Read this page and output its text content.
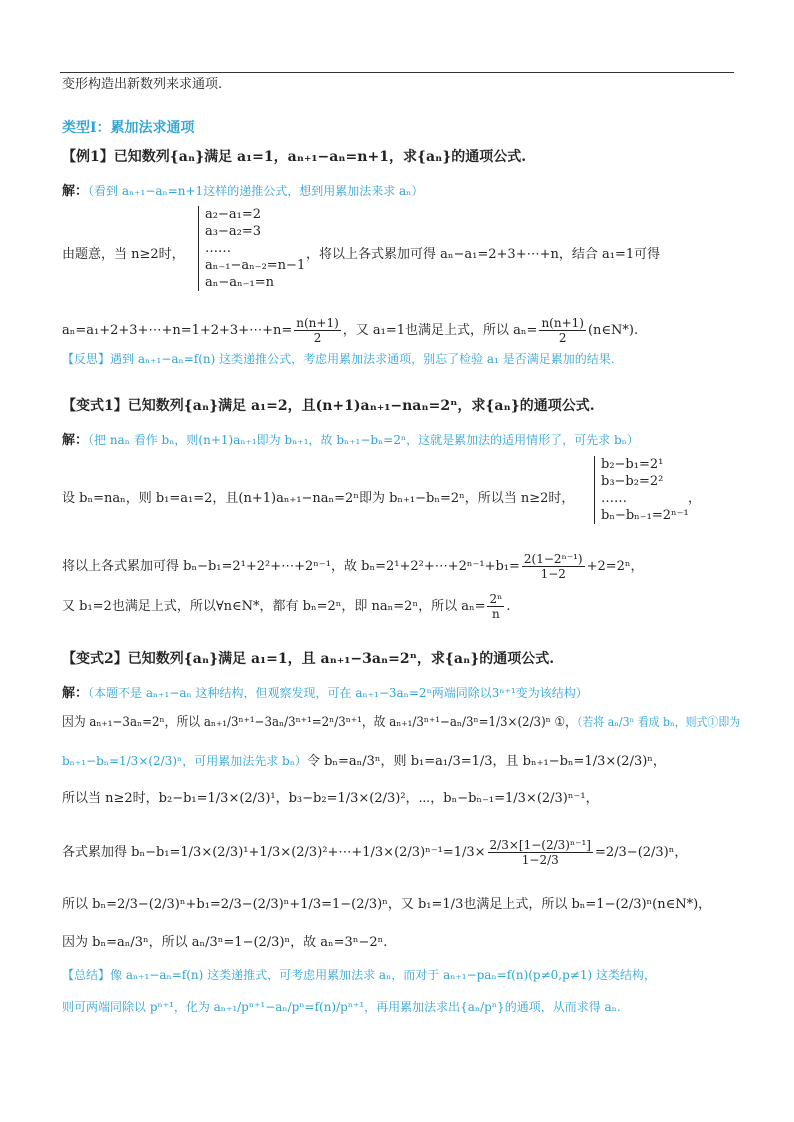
变形构造出新数列来求通项.
类型Ⅰ：累加法求通项
【例1】已知数列{aₙ}满足 a₁=1，aₙ₊₁−aₙ=n+1，求{aₙ}的通项公式.
解：（看到 aₙ₊₁−aₙ=n+1这样的递推公式，想到用累加法来求 aₙ）
由题意，当 n≥2时，
a₂−a₁=2
a₃−a₂=3
……
aₙ₋₁−aₙ₋₂=n−1
aₙ−aₙ₋₁=n
，将以上各式累加可得 aₙ−a₁=2+3+⋯+n，结合 a₁=1可得
aₙ=a₁+2+3+⋯+n=1+2+3+⋯+n= $\frac{n(n+1)}{2}$ ，又 a₁=1也满足上式，所以 $a_n= \frac{n(n+1)}{2}$ (n∈N*).
【反思】遇到 aₙ₊₁−aₙ=f(n) 这类递推公式，考虑用累加法求通项，别忘了检验 a₁ 是否满足累加的结果.
【变式1】已知数列{aₙ}满足 a₁=2，且(n+1)aₙ₊₁−naₙ=2ⁿ，求{aₙ}的通项公式.
解：（把 naₙ 看作 bₙ，则(n+1)aₙ₊₁即为 bₙ₊₁，故 bₙ₊₁−bₙ=2ⁿ，这就是累加法的适用情形了，可先求 bₙ）
设 bₙ=naₙ，则 b₁=a₁=2，且(n+1)aₙ₊₁−naₙ=2ⁿ即为 bₙ₊₁−bₙ=2ⁿ，所以当 n≥2时，
b₂−b₁=2¹
b₃−b₂=2²
……
bₙ−bₙ₋₁=2ⁿ⁻¹
，
将以上各式累加可得 bₙ−b₁=2¹+2²+⋯+2ⁿ⁻¹，故 bₙ=2¹+2²+⋯+2ⁿ⁻¹+b₁= $\frac{\text{2(1−2ⁿ⁻¹)}}{1-2} +2=2^n$，
又 b₁=2也满足上式，所以∀n∈N*，都有 bₙ=2ⁿ，即 naₙ=2ⁿ，所以 $a_n= \frac{\text{2ⁿ}}{n}$ .
【变式2】已知数列{aₙ}满足 a₁=1，且 aₙ₊₁−3aₙ=2ⁿ，求{aₙ}的通项公式.
解：（本题不是 aₙ₊₁−aₙ 这种结构，但观察发现，可在 aₙ₊₁−3aₙ=2ⁿ两端同除以3ⁿ⁺¹变为该结构）
因为 aₙ₊₁−3aₙ=2ⁿ，所以 aₙ₊₁/3ⁿ⁺¹−3aₙ/3ⁿ⁺¹=2ⁿ/3ⁿ⁺¹，故 aₙ₊₁/3ⁿ⁺¹−aₙ/3ⁿ=1/3×(2/3)ⁿ ①，（若将 aₙ/3ⁿ 看成 bₙ，则式①即为
bₙ₊₁−bₙ=1/3×(2/3)ⁿ，可用累加法先求 bₙ）令 bₙ=aₙ/3ⁿ，则 b₁=a₁/3=1/3，且 bₙ₊₁−bₙ=1/3×(2/3)ⁿ，
所以当 n≥2时，b₂−b₁=1/3×(2/3)¹，b₃−b₂=1/3×(2/3)²，⋯，bₙ−bₙ₋₁=1/3×(2/3)ⁿ⁻¹，
各式累加得 bₙ−b₁=1/3×(2/3)¹+1/3×(2/3)²+⋯+1/3×(2/3)ⁿ⁻¹=1/3× $\frac{\text{2/3×[1−(2/3)ⁿ⁻¹]}}{1-2/3} =2/3-(2/3)^n$，
所以 bₙ=2/3−(2/3)ⁿ+b₁=2/3−(2/3)ⁿ+1/3=1−(2/3)ⁿ，又 b₁=1/3也满足上式，所以 bₙ=1−(2/3)ⁿ(n∈N*)，
因为 bₙ=aₙ/3ⁿ，所以 aₙ/3ⁿ=1−(2/3)ⁿ，故 aₙ=3ⁿ−2ⁿ.
【总结】像 aₙ₊₁−aₙ=f(n) 这类递推式，可考虑用累加法求 aₙ，而对于 aₙ₊₁−paₙ=f(n)(p≠0,p≠1) 这类结构，
则可两端同除以 pⁿ⁺¹，化为 aₙ₊₁/pⁿ⁺¹−aₙ/pⁿ=f(n)/pⁿ⁺¹，再用累加法求出{aₙ/pⁿ}的通项，从而求得 aₙ.
